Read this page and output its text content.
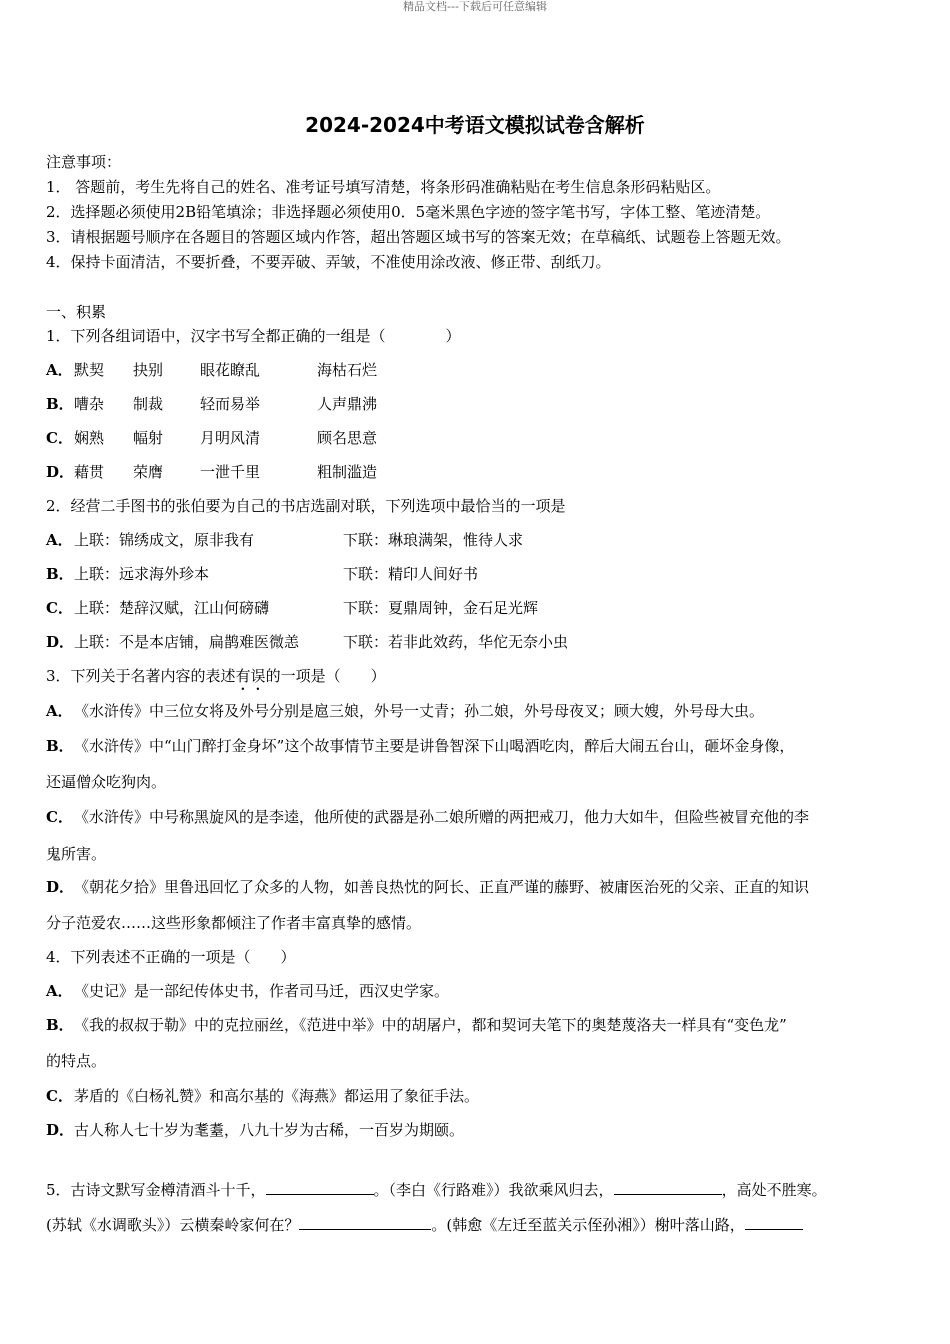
精品文档---下载后可任意编辑
2024-2024中考语文模拟试卷含解析
注意事项：
1． 答题前，考生先将自己的姓名、准考证号填写清楚，将条形码准确粘贴在考生信息条形码粘贴区。
2．选择题必须使用2B铅笔填涂；非选择题必须使用0．5毫米黑色字迹的签字笔书写，字体工整、笔迹清楚。
3．请根据题号顺序在各题目的答题区域内作答，超出答题区域书写的答案无效；在草稿纸、试题卷上答题无效。
4．保持卡面清洁，不要折叠，不要弄破、弄皱，不准使用涂改液、修正带、刮纸刀。
一、积累
1．下列各组词语中，汉字书写全都正确的一组是（　　　　）
A． 默契 抉别 眼花瞭乱	海枯石烂
B． 嘈杂 制裁 轻而易举	人声鼎沸
C． 娴熟 幅射 月明风清	顾名思意
D． 藉贯 荣膺 一泄千里	粗制滥造
2．经营二手图书的张伯要为自己的书店选副对联，下列选项中最恰当的一项是
A． 上联：锦绣成文，原非我有	下联：琳琅满架，惟待人求
B． 上联：远求海外珍本	下联：精印人间好书
C． 上联：楚辞汉赋，江山何磅礴	下联：夏鼎周钟，金石足光辉
D． 上联：不是本店铺，扁鹊难医微恙	下联：若非此效药，华佗无奈小虫
3．下列关于名著内容的表述有误的一项是（　　）
A．《水浒传》中三位女将及外号分别是扈三娘，外号一丈青；孙二娘，外号母夜叉；顾大嫂，外号母大虫。
B．《水浒传》中“山门醉打金身坏”这个故事情节主要是讲鲁智深下山喝酒吃肉，醉后大闹五台山，砸坏金身像，
还逼僧众吃狗肉。
C．《水浒传》中号称黑旋风的是李逵，他所使的武器是孙二娘所赠的两把戒刀，他力大如牛，但险些被冒充他的李
鬼所害。
D．《朝花夕拾》里鲁迅回忆了众多的人物，如善良热忱的阿长、正直严谨的藤野、被庸医治死的父亲、正直的知识
分子范爱农……这些形象都倾注了作者丰富真挚的感情。
4．下列表述不正确的一项是（　　）
A．《史记》是一部纪传体史书，作者司马迁，西汉史学家。
B．《我的叔叔于勒》中的克拉丽丝，《范进中举》中的胡屠户，都和契诃夫笔下的奥楚蔑洛夫一样具有“变色龙”
的特点。
C．茅盾的《白杨礼赞》和高尔基的《海燕》都运用了象征手法。
D．古人称人七十岁为耄耋，八九十岁为古稀，一百岁为期颐。
5．古诗文默写金樽清酒斗十千，	。（李白《行路难》）我欲乘风归去，	，高处不胜寒。
(苏轼《水调歌头》）云横秦岭家何在？	。(韩愈《左迁至蓝关示侄孙湘》）榭叶落山路，
